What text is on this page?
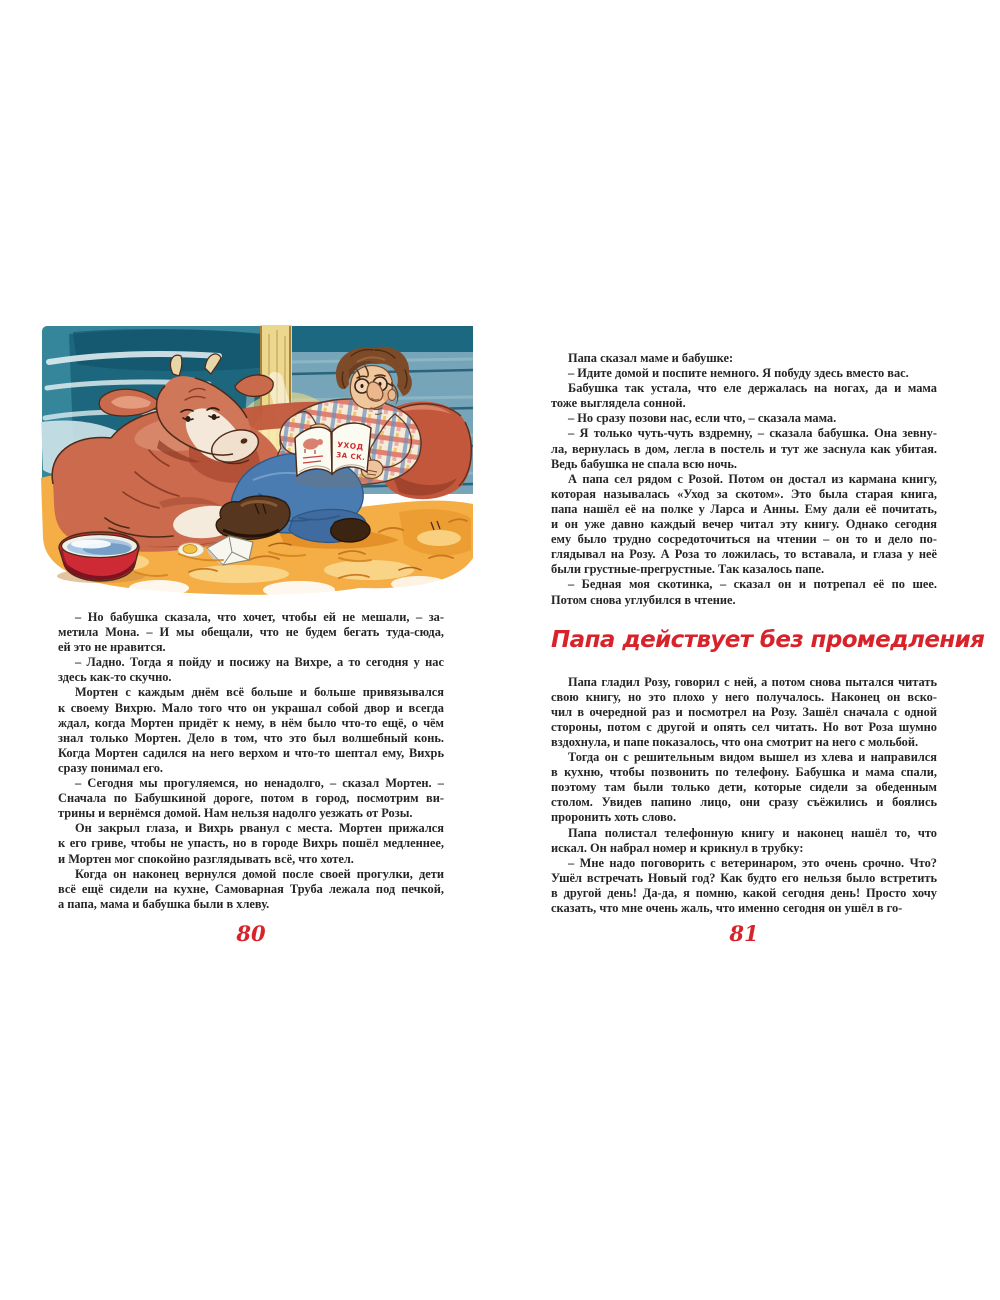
УХОД
ЗА СК.
– Но бабушка сказала, что хочет, чтобы ей не мешали, – за-
метила Мона. – И мы обещали, что не будем бегать туда-сюда,
ей это не нравится.
– Ладно. Тогда я пойду и посижу на Вихре, а то сегодня у нас
здесь как-то скучно.
Мортен с каждым днём всё больше и больше привязывался
к своему Вихрю. Мало того что он украшал собой двор и всегда
ждал, когда Мортен придёт к нему, в нём было что-то ещё, о чём
знал только Мортен. Дело в том, что это был волшебный конь.
Когда Мортен садился на него верхом и что-то шептал ему, Вихрь
сразу понимал его.
– Сегодня мы прогуляемся, но ненадолго, – сказал Мортен. –
Сначала по Бабушкиной дороге, потом в город, посмотрим ви-
трины и вернёмся домой. Нам нельзя надолго уезжать от Розы.
Он закрыл глаза, и Вихрь рванул с места. Мортен прижался
к его гриве, чтобы не упасть, но в городе Вихрь пошёл медленнее,
и Мортен мог спокойно разглядывать всё, что хотел.
Когда он наконец вернулся домой после своей прогулки, дети
всё ещё сидели на кухне, Самоварная Труба лежала под печкой,
а папа, мама и бабушка были в хлеву.
80
Папа сказал маме и бабушке:
– Идите домой и поспите немного. Я побуду здесь вместо вас.
Бабушка так устала, что еле держалась на ногах, да и мама
тоже выглядела сонной.
– Но сразу позови нас, если что, – сказала мама.
– Я только чуть-чуть вздремну, – сказала бабушка. Она зевну-
ла, вернулась в дом, легла в постель и тут же заснула как убитая.
Ведь бабушка не спала всю ночь.
А папа сел рядом с Розой. Потом он достал из кармана книгу,
которая называлась «Уход за скотом». Это была старая книга,
папа нашёл её на полке у Ларса и Анны. Ему дали её почитать,
и он уже давно каждый вечер читал эту книгу. Однако сегодня
ему было трудно сосредоточиться на чтении – он то и дело по-
глядывал на Розу. А Роза то ложилась, то вставала, и глаза у неё
были грустные-прегрустные. Так казалось папе.
– Бедная моя скотинка, – сказал он и потрепал её по шее.
Потом снова углубился в чтение.
Папа действует без промедления
Папа гладил Розу, говорил с ней, а потом снова пытался читать
свою книгу, но это плохо у него получалось. Наконец он вско-
чил в очередной раз и посмотрел на Розу. Зашёл сначала с одной
стороны, потом с другой и опять сел читать. Но вот Роза шумно
вздохнула, и папе показалось, что она смотрит на него с мольбой.
Тогда он с решительным видом вышел из хлева и направился
в кухню, чтобы позвонить по телефону. Бабушка и мама спали,
поэтому там были только дети, которые сидели за обеденным
столом. Увидев папино лицо, они сразу съёжились и боялись
проронить хоть слово.
Папа полистал телефонную книгу и наконец нашёл то, что
искал. Он набрал номер и крикнул в трубку:
– Мне надо поговорить с ветеринаром, это очень срочно. Что?
Ушёл встречать Новый год? Как будто его нельзя было встретить
в другой день! Да-да, я помню, какой сегодня день! Просто хочу
сказать, что мне очень жаль, что именно сегодня он ушёл в го-
81
